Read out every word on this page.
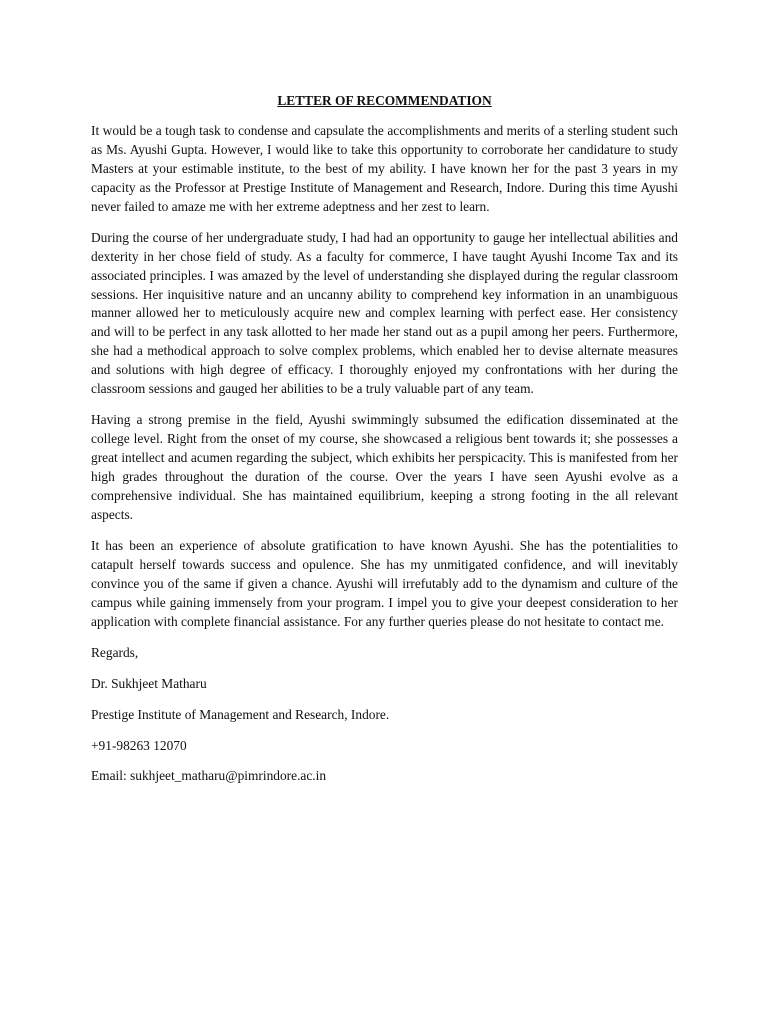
LETTER OF RECOMMENDATION

It would be a tough task to condense and capsulate the accomplishments and merits of a sterling student such as Ms. Ayushi Gupta. However, I would like to take this opportunity to corroborate her candidature to study Masters at your estimable institute, to the best of my ability. I have known her for the past 3 years in my capacity as the Professor at Prestige Institute of Management and Research, Indore. During this time Ayushi never failed to amaze me with her extreme adeptness and her zest to learn.

During the course of her undergraduate study, I had had an opportunity to gauge her intellectual abilities and dexterity in her chose field of study. As a faculty for commerce, I have taught Ayushi Income Tax and its associated principles. I was amazed by the level of understanding she displayed during the regular classroom sessions. Her inquisitive nature and an uncanny ability to comprehend key information in an unambiguous manner allowed her to meticulously acquire new and complex learning with perfect ease. Her consistency and will to be perfect in any task allotted to her made her stand out as a pupil among her peers. Furthermore, she had a methodical approach to solve complex problems, which enabled her to devise alternate measures and solutions with high degree of efficacy. I thoroughly enjoyed my confrontations with her during the classroom sessions and gauged her abilities to be a truly valuable part of any team.

Having a strong premise in the field, Ayushi swimmingly subsumed the edification disseminated at the college level. Right from the onset of my course, she showcased a religious bent towards it; she possesses a great intellect and acumen regarding the subject, which exhibits her perspicacity. This is manifested from her high grades throughout the duration of the course. Over the years I have seen Ayushi evolve as a comprehensive individual. She has maintained equilibrium, keeping a strong footing in the all relevant aspects.

It has been an experience of absolute gratification to have known Ayushi. She has the potentialities to catapult herself towards success and opulence. She has my unmitigated confidence, and will inevitably convince you of the same if given a chance. Ayushi will irrefutably add to the dynamism and culture of the campus while gaining immensely from your program. I impel you to give your deepest consideration to her application with complete financial assistance. For any further queries please do not hesitate to contact me.

Regards,

Dr. Sukhjeet Matharu

Prestige Institute of Management and Research, Indore.

+91-98263 12070

Email: sukhjeet_matharu@pimrindore.ac.in
